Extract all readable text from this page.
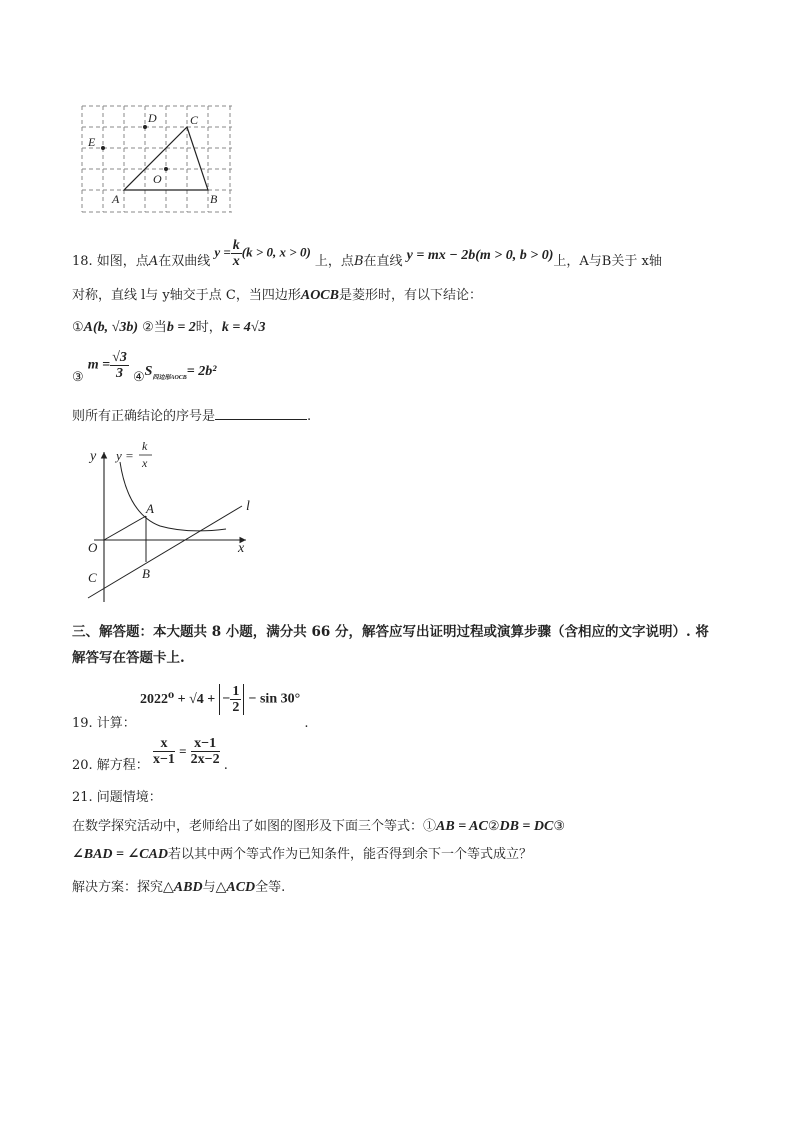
D	C
E
O
A	B
18. 如图，点A在双曲线 $y = \frac{k}{x} (k > 0$, x > 0) 上，点B在直线 y = mx − 2b(m > 0, b > 0)上，A与B关于 x轴
对称，直线 l与 y轴交于点 C，当四边形AOCB是菱形时，有以下结论：
①A(b, √3b) ②当b = 2时，k = 4√3
③ $m = \frac{√3}{3}$ $④S_{四边形AOCB}= 2b^2$
则所有正确结论的序号是	.
y y =
k
x
A	l
O	x
C	B
三、解答题：本大题共 8 小题，满分共 66 分，解答应写出证明过程或演算步骤（含相应的文字说明）. 将
解答写在答题卡上.
19. 计算： 2022⁰ + √4 + − $\frac{1}{2} - \sin 30^\circ$ .
20. 解方程： $\frac{x}{x-1} = \frac{x-1}{2x-2}$ .
21. 问题情境：
在数学探究活动中，老师给出了如图的图形及下面三个等式：①AB = AC②DB = DC③
∠BAD = ∠CAD若以其中两个等式作为已知条件，能否得到余下一个等式成立？
解决方案：探究△ABD与△ACD全等.
